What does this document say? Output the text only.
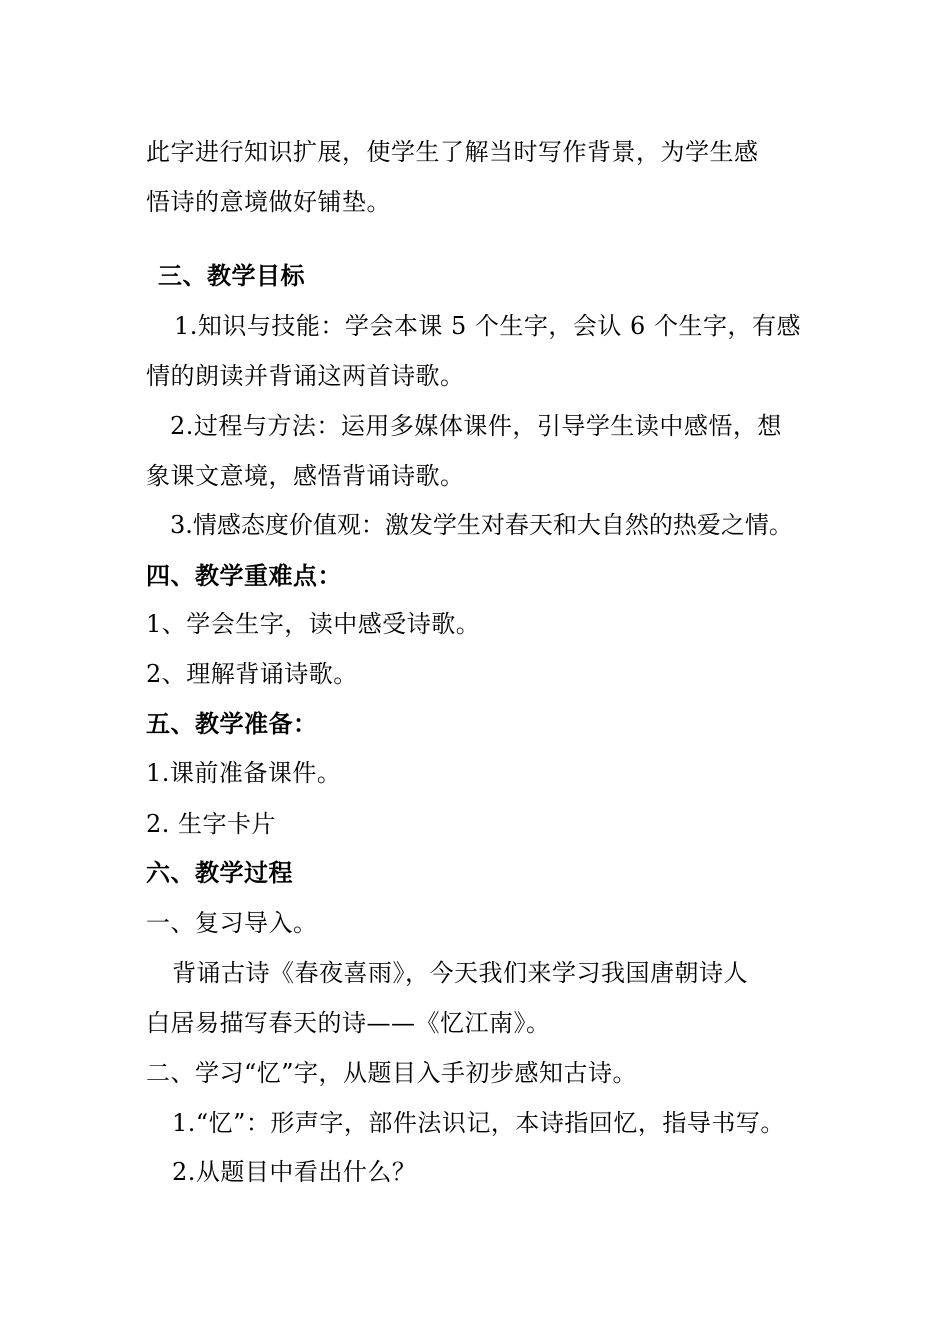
此字进行知识扩展，使学生了解当时写作背景，为学生感
悟诗的意境做好铺垫。
三、教学目标
1.知识与技能：学会本课 5 个生字，会认 6 个生字，有感
情的朗读并背诵这两首诗歌。
2.过程与方法：运用多媒体课件，引导学生读中感悟，想
象课文意境，感悟背诵诗歌。
3.情感态度价值观：激发学生对春天和大自然的热爱之情。
四、教学重难点：
1、学会生字，读中感受诗歌。
2、理解背诵诗歌。
五、教学准备：
1.课前准备课件。
2. 生字卡片
六、教学过程
一、复习导入。
背诵古诗《春夜喜雨》，今天我们来学习我国唐朝诗人
白居易描写春天的诗——《忆江南》。
二、学习“忆”字，从题目入手初步感知古诗。
1.“忆”：形声字，部件法识记，本诗指回忆，指导书写。
2.从题目中看出什么？
